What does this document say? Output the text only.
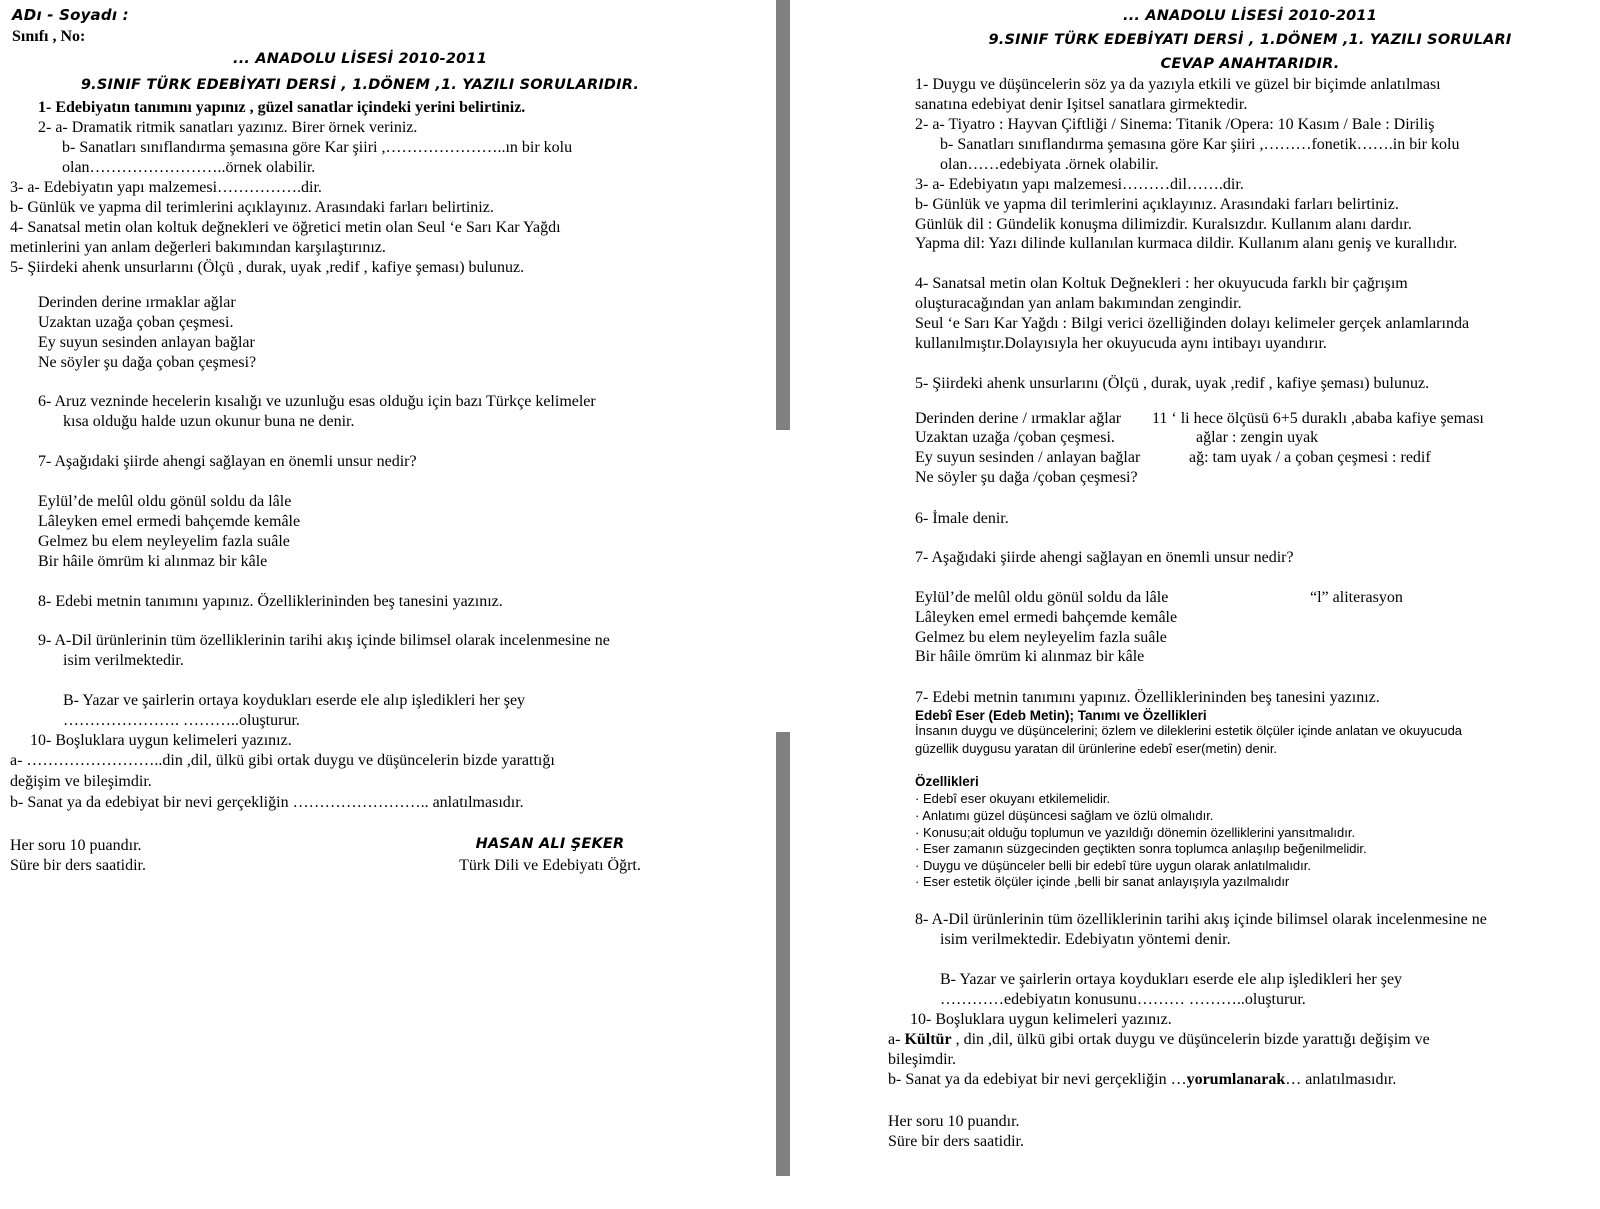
ADı - Soyadı :
Sınıfı , No:
... ANADOLU LİSESİ 2010-2011
9.SINIF TÜRK EDEBİYATI DERSİ , 1.DÖNEM ,1. YAZILI SORULARIDIR.
1- Edebiyatın tanımını yapınız , güzel sanatlar içindeki yerini belirtiniz.
2- a- Dramatik ritmik sanatları yazınız. Birer örnek veriniz.
b- Sanatları sınıflandırma şemasına göre Kar şiiri ,…………………..ın bir kolu
olan……………………..örnek olabilir.
3- a- Edebiyatın yapı malzemesi…………….dir.
b- Günlük ve yapma dil terimlerini açıklayınız. Arasındaki farları belirtiniz.
4- Sanatsal metin olan koltuk değnekleri ve öğretici metin olan Seul ‘e Sarı Kar Yağdı
metinlerini yan anlam değerleri bakımından karşılaştırınız.
5- Şiirdeki ahenk unsurlarını (Ölçü , durak, uyak ,redif , kafiye şeması) bulunuz.
Derinden derine ırmaklar ağlar
Uzaktan uzağa çoban çeşmesi.
Ey suyun sesinden anlayan bağlar
Ne söyler şu dağa çoban çeşmesi?
6- Aruz vezninde hecelerin kısalığı ve uzunluğu esas olduğu için bazı Türkçe kelimeler
kısa olduğu halde uzun okunur buna ne denir.
7- Aşağıdaki şiirde ahengi sağlayan en önemli unsur nedir?
Eylül’de melûl oldu gönül soldu da lâle
Lâleyken emel ermedi bahçemde kemâle
Gelmez bu elem neyleyelim fazla suâle
Bir hâile ömrüm ki alınmaz bir kâle
8- Edebi metnin tanımını yapınız. Özelliklerininden beş tanesini yazınız.
9- A-Dil ürünlerinin tüm özelliklerinin tarihi akış içinde bilimsel olarak incelenmesine ne
isim verilmektedir.
B- Yazar ve şairlerin ortaya koydukları eserde ele alıp işledikleri her şey
…………………. ………..oluşturur.
10- Boşluklara uygun kelimeleri yazınız.
a- ……………………..din ,dil, ülkü gibi ortak duygu ve düşüncelerin bizde yarattığı
değişim ve bileşimdir.
b- Sanat ya da edebiyat bir nevi gerçekliğin …………………….. anlatılmasıdır.
Her soru 10 puandır.
Süre bir ders saatidir.
HASAN ALI ŞEKER
Türk Dili ve Edebiyatı Öğrt.
... ANADOLU LİSESİ 2010-2011
9.SINIF TÜRK EDEBİYATI DERSİ , 1.DÖNEM ,1. YAZILI SORULARI
CEVAP ANAHTARIDIR.
1- Duygu ve düşüncelerin söz ya da yazıyla etkili ve güzel bir biçimde anlatılması
sanatına edebiyat denir Işitsel sanatlara girmektedir.
2- a- Tiyatro : Hayvan Çiftliği / Sinema: Titanik /Opera: 10 Kasım / Bale : Diriliş
b- Sanatları sınıflandırma şemasına göre Kar şiiri ,………fonetik…….in bir kolu
olan……edebiyata .örnek olabilir.
3- a- Edebiyatın yapı malzemesi………dil…….dir.
b- Günlük ve yapma dil terimlerini açıklayınız. Arasındaki farları belirtiniz.
Günlük dil : Gündelik konuşma dilimizdir. Kuralsızdır. Kullanım alanı dardır.
Yapma dil: Yazı dilinde kullanılan kurmaca dildir. Kullanım alanı geniş ve kurallıdır.
4- Sanatsal metin olan Koltuk Değnekleri : her okuyucuda farklı bir çağrışım
oluşturacağından yan anlam bakımından zengindir.
Seul ‘e Sarı Kar Yağdı : Bilgi verici özelliğinden dolayı kelimeler gerçek anlamlarında
kullanılmıştır.Dolayısıyla her okuyucuda aynı intibayı uyandırır.
5- Şiirdeki ahenk unsurlarını (Ölçü , durak, uyak ,redif , kafiye şeması) bulunuz.
Derinden derine / ırmaklar ağlar
Uzaktan uzağa /çoban çeşmesi.
Ey suyun sesinden / anlayan bağlar
Ne söyler şu dağa /çoban çeşmesi?
11 ‘ li hece ölçüsü 6+5 duraklı ,ababa kafiye şeması
ağlar : zengin uyak
ağ: tam uyak / a çoban çeşmesi : redif
6- İmale denir.
7- Aşağıdaki şiirde ahengi sağlayan en önemli unsur nedir?
Eylül’de melûl oldu gönül soldu da lâle
Lâleyken emel ermedi bahçemde kemâle
Gelmez bu elem neyleyelim fazla suâle
Bir hâile ömrüm ki alınmaz bir kâle
“l” aliterasyon
7- Edebi metnin tanımını yapınız. Özelliklerininden beş tanesini yazınız.
Edebî Eser (Edeb Metin); Tanımı ve Özellikleri
İnsanın duygu ve düşüncelerini; özlem ve dileklerini estetik ölçüler içinde anlatan ve okuyucuda
güzellik duygusu yaratan dil ürünlerine edebî eser(metin) denir.
Özellikleri
· Edebî eser okuyanı etkilemelidir.
· Anlatımı güzel düşüncesi sağlam ve özlü olmalıdır.
· Konusu;ait olduğu toplumun ve yazıldığı dönemin özelliklerini yansıtmalıdır.
· Eser zamanın süzgecinden geçtikten sonra toplumca anlaşılıp beğenilmelidir.
· Duygu ve düşünceler belli bir edebî türe uygun olarak anlatılmalıdır.
· Eser estetik ölçüler içinde ,belli bir sanat anlayışıyla yazılmalıdır
8- A-Dil ürünlerinin tüm özelliklerinin tarihi akış içinde bilimsel olarak incelenmesine ne
isim verilmektedir. Edebiyatın yöntemi denir.
B- Yazar ve şairlerin ortaya koydukları eserde ele alıp işledikleri her şey
…………edebiyatın konusunu……… ………..oluşturur.
10- Boşluklara uygun kelimeleri yazınız.
a- Kültür , din ,dil, ülkü gibi ortak duygu ve düşüncelerin bizde yarattığı değişim ve
bileşimdir.
b- Sanat ya da edebiyat bir nevi gerçekliğin …yorumlanarak… anlatılmasıdır.
Her soru 10 puandır.
Süre bir ders saatidir.
